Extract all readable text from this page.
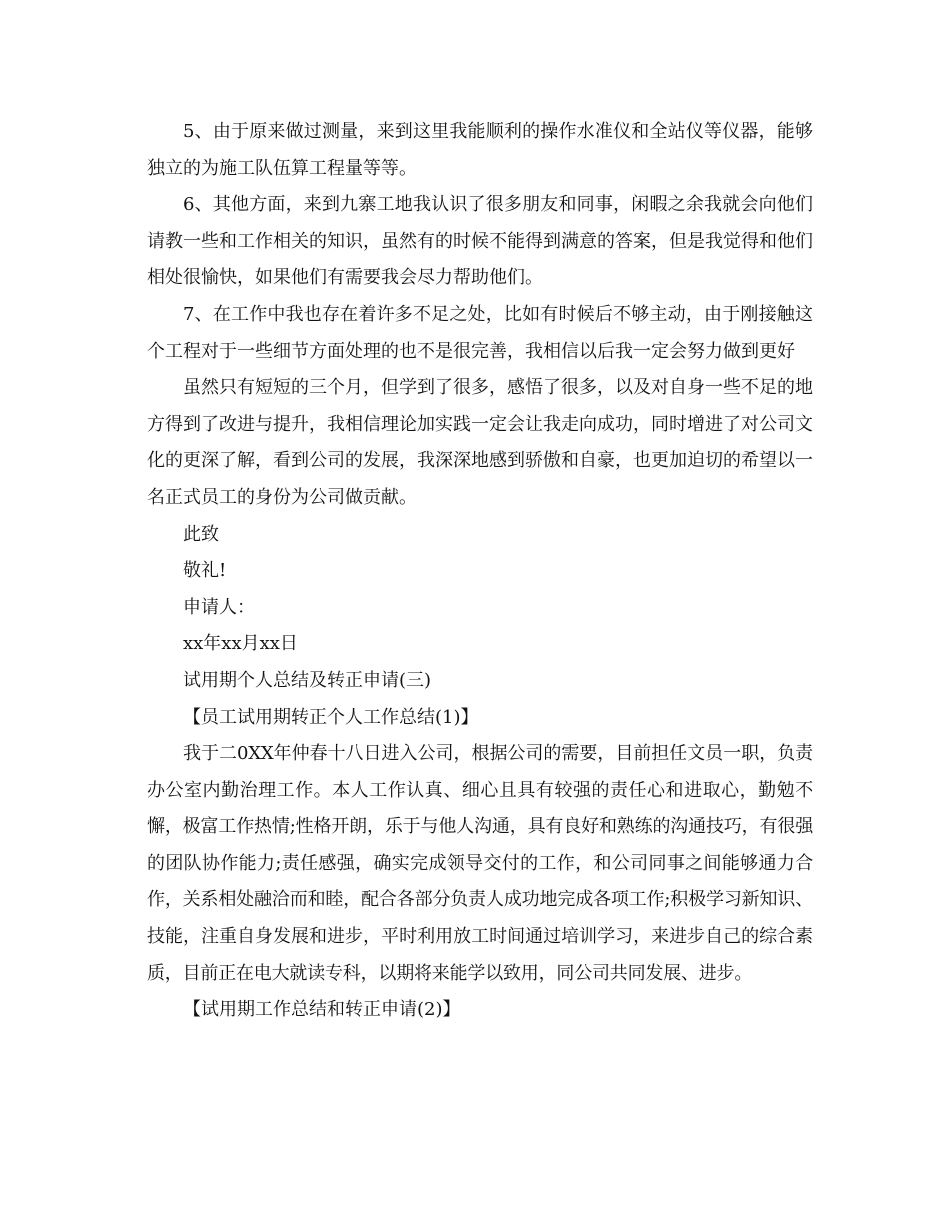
5、由于原来做过测量，来到这里我能顺利的操作水准仪和全站仪等仪器，能够独立的为施工队伍算工程量等等。

6、其他方面，来到九寨工地我认识了很多朋友和同事，闲暇之余我就会向他们请教一些和工作相关的知识，虽然有的时候不能得到满意的答案，但是我觉得和他们相处很愉快，如果他们有需要我会尽力帮助他们。

7、在工作中我也存在着许多不足之处，比如有时候后不够主动，由于刚接触这个工程对于一些细节方面处理的也不是很完善，我相信以后我一定会努力做到更好

虽然只有短短的三个月，但学到了很多，感悟了很多，以及对自身一些不足的地方得到了改进与提升，我相信理论加实践一定会让我走向成功，同时增进了对公司文化的更深了解，看到公司的发展，我深深地感到骄傲和自豪，也更加迫切的希望以一名正式员工的身份为公司做贡献。

此致

敬礼!

申请人：

xx年xx月xx日

试用期个人总结及转正申请(三)

【员工试用期转正个人工作总结(1)】

我于二0XX年仲春十八日进入公司，根据公司的需要，目前担任文员一职，负责办公室内勤治理工作。本人工作认真、细心且具有较强的责任心和进取心，勤勉不懈，极富工作热情;性格开朗，乐于与他人沟通，具有良好和熟练的沟通技巧，有很强的团队协作能力;责任感强，确实完成领导交付的工作，和公司同事之间能够通力合作，关系相处融洽而和睦，配合各部分负责人成功地完成各项工作;积极学习新知识、技能，注重自身发展和进步，平时利用放工时间通过培训学习，来进步自己的综合素质，目前正在电大就读专科，以期将来能学以致用，同公司共同发展、进步。

【试用期工作总结和转正申请(2)】
